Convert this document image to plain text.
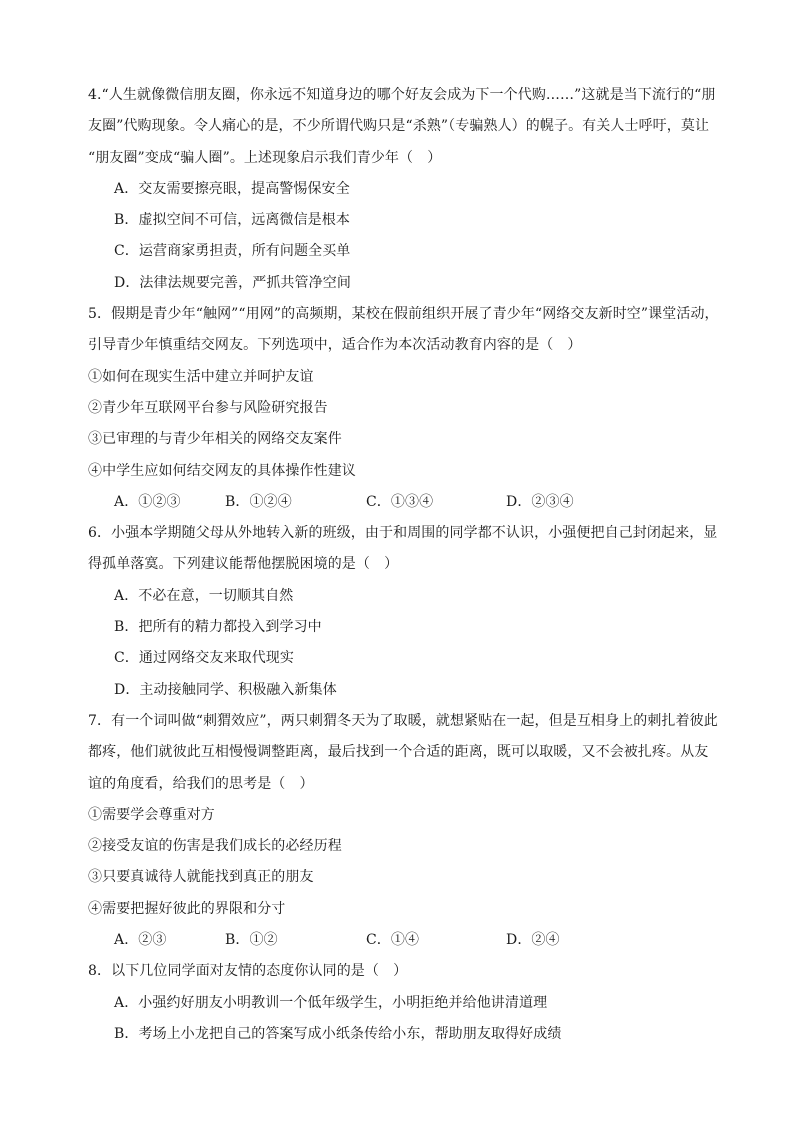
4.“人生就像微信朋友圈，你永远不知道身边的哪个好友会成为下一个代购……”这就是当下流行的“朋
友圈”代购现象。令人痛心的是，不少所谓代购只是“杀熟”（专骗熟人）的幌子。有关人士呼吁，莫让
“朋友圈”变成“骗人圈”。上述现象启示我们青少年（　）
A．交友需要擦亮眼，提高警惕保安全
B．虚拟空间不可信，远离微信是根本
C．运营商家勇担责，所有问题全买单
D．法律法规要完善，严抓共管净空间
5．假期是青少年“触网”“用网”的高频期，某校在假前组织开展了青少年“网络交友新时空”课堂活动，
引导青少年慎重结交网友。下列选项中，适合作为本次活动教育内容的是（　）
①如何在现实生活中建立并呵护友谊
②青少年互联网平台参与风险研究报告
③已审理的与青少年相关的网络交友案件
④中学生应如何结交网友的具体操作性建议
A．①②③	B．①②④	C．①③④	D．②③④
6．小强本学期随父母从外地转入新的班级，由于和周围的同学都不认识，小强便把自己封闭起来，显
得孤单落寞。下列建议能帮他摆脱困境的是（　）
A．不必在意，一切顺其自然
B．把所有的精力都投入到学习中
C．通过网络交友来取代现实
D．主动接触同学、积极融入新集体
7．有一个词叫做“刺猬效应”，两只刺猬冬天为了取暖，就想紧贴在一起，但是互相身上的刺扎着彼此
都疼，他们就彼此互相慢慢调整距离，最后找到一个合适的距离，既可以取暖，又不会被扎疼。从友
谊的角度看，给我们的思考是（　）
①需要学会尊重对方
②接受友谊的伤害是我们成长的必经历程
③只要真诚待人就能找到真正的朋友
④需要把握好彼此的界限和分寸
A．②③	B．①②	C．①④	D．②④
8．以下几位同学面对友情的态度你认同的是（　）
A．小强约好朋友小明教训一个低年级学生，小明拒绝并给他讲清道理
B．考场上小龙把自己的答案写成小纸条传给小东，帮助朋友取得好成绩
